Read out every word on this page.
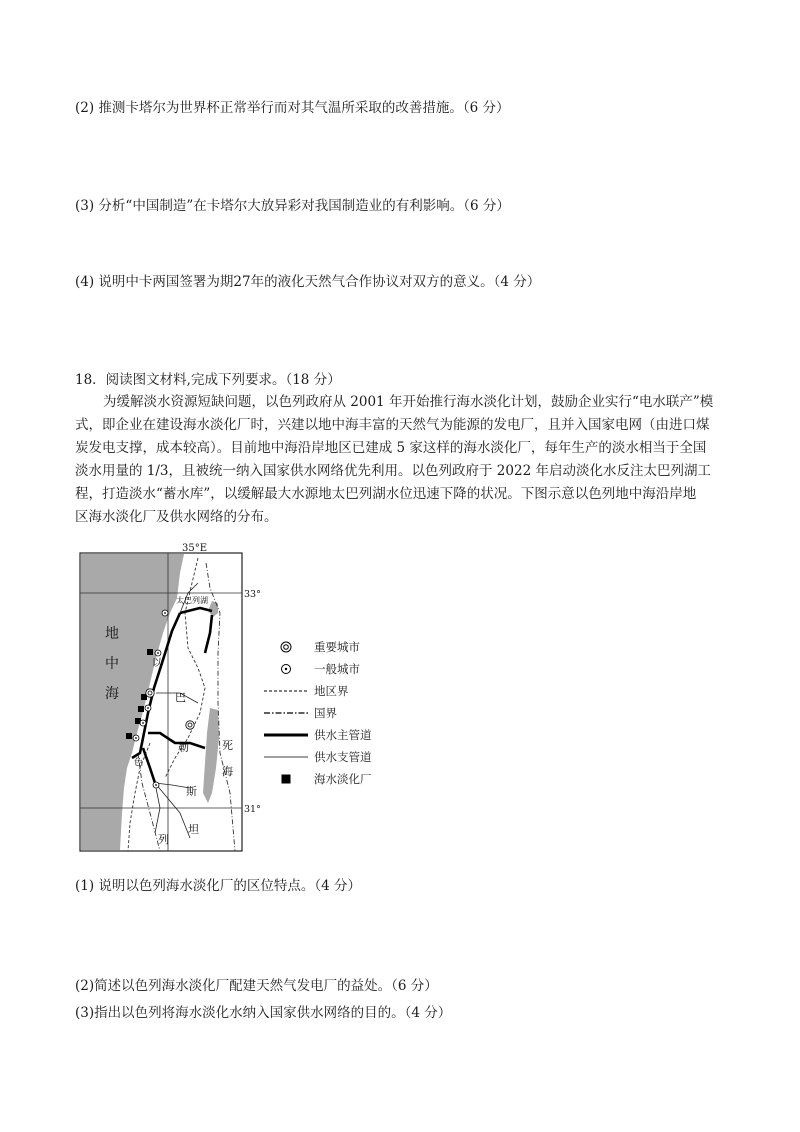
(2) 推测卡塔尔为世界杯正常举行而对其气温所采取的改善措施。（6 分）
(3) 分析“中国制造”在卡塔尔大放异彩对我国制造业的有利影响。（6 分）
(4) 说明中卡两国签署为期27年的液化天然气合作协议对双方的意义。（4 分）
18．阅读图文材料,完成下列要求。（18 分）
为缓解淡水资源短缺问题，以色列政府从 2001 年开始推行海水淡化计划，鼓励企业实行“电水联产”模
式，即企业在建设海水淡化厂时，兴建以地中海丰富的天然气为能源的发电厂，且并入国家电网（由进口煤
炭发电支撑，成本较高）。目前地中海沿岸地区已建成 5 家这样的海水淡化厂，每年生产的淡水相当于全国
淡水用量的 1/3，且被统一纳入国家供水网络优先利用。以色列政府于 2022 年启动淡化水反注太巴列湖工
程，打造淡水“蓄水库”，以缓解最大水源地太巴列湖水位迅速下降的状况。下图示意以色列地中海沿岸地
区海水淡化厂及供水网络的分布。
35°E
33°
31°
地
中
海
太巴列湖
以
巴
勒
斯
坦
死
海
色
列
重要城市
一般城市
地区界
国界
供水主管道
供水支管道
海水淡化厂
(1) 说明以色列海水淡化厂的区位特点。（4 分）
(2)简述以色列海水淡化厂配建天然气发电厂的益处。（6 分）
(3)指出以色列将海水淡化水纳入国家供水网络的目的。（4 分）
